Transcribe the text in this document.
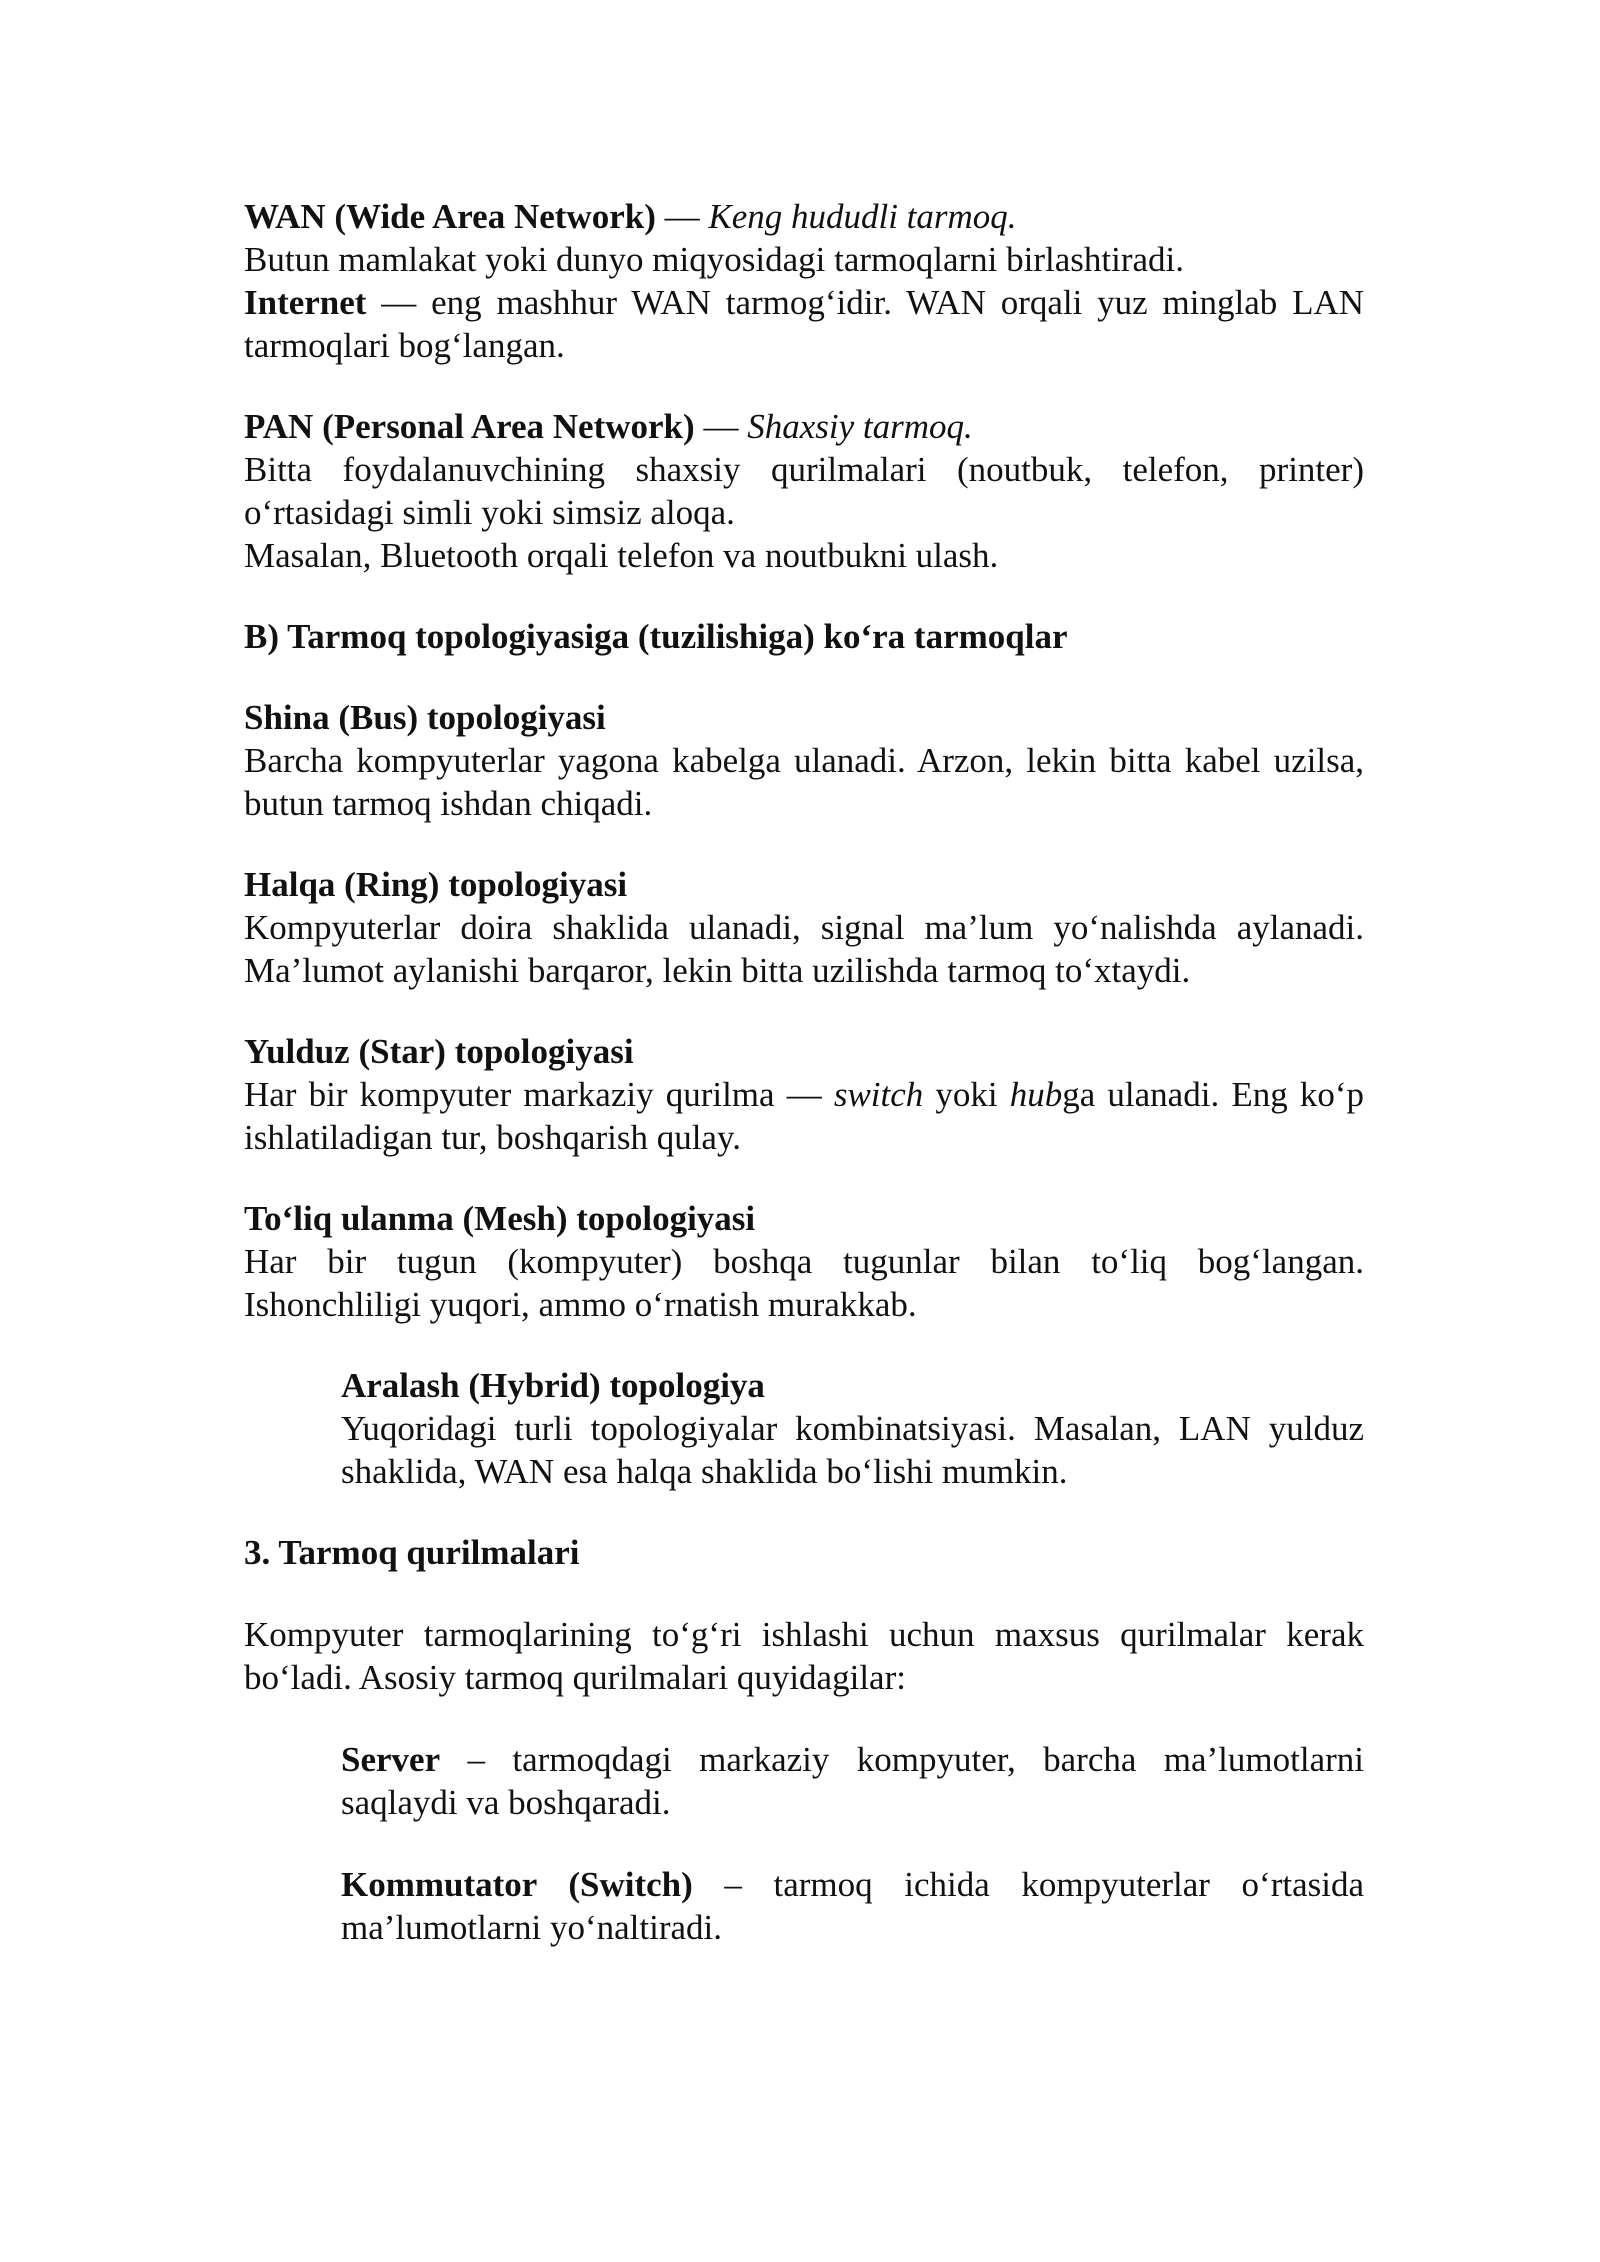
WAN (Wide Area Network) — Keng hududli tarmoq.

Butun mamlakat yoki dunyo miqyosidagi tarmoqlarni birlashtiradi.

Internet — eng mashhur WAN tarmogʻidir. WAN orqali yuz minglab LAN tarmoqlari bogʻlangan.

PAN (Personal Area Network) — Shaxsiy tarmoq.

Bitta foydalanuvchining shaxsiy qurilmalari (noutbuk, telefon, printer) oʻrtasidagi simli yoki simsiz aloqa.

Masalan, Bluetooth orqali telefon va noutbukni ulash.

B) Tarmoq topologiyasiga (tuzilishiga) koʻra tarmoqlar

Shina (Bus) topologiyasi

Barcha kompyuterlar yagona kabelga ulanadi. Arzon, lekin bitta kabel uzilsa, butun tarmoq ishdan chiqadi.

Halqa (Ring) topologiyasi

Kompyuterlar doira shaklida ulanadi, signal ma’lum yoʻnalishda aylanadi. Ma’lumot aylanishi barqaror, lekin bitta uzilishda tarmoq toʻxtaydi.

Yulduz (Star) topologiyasi

Har bir kompyuter markaziy qurilma — switch yoki hubga ulanadi. Eng koʻp ishlatiladigan tur, boshqarish qulay.

Toʻliq ulanma (Mesh) topologiyasi

Har bir tugun (kompyuter) boshqa tugunlar bilan toʻliq bogʻlangan. Ishonchliligi yuqori, ammo oʻrnatish murakkab.

Aralash (Hybrid) topologiya

Yuqoridagi turli topologiyalar kombinatsiyasi. Masalan, LAN yulduz shaklida, WAN esa halqa shaklida boʻlishi mumkin.

3. Tarmoq qurilmalari

Kompyuter tarmoqlarining toʻgʻri ishlashi uchun maxsus qurilmalar kerak boʻladi. Asosiy tarmoq qurilmalari quyidagilar:

Server – tarmoqdagi markaziy kompyuter, barcha ma’lumotlarni saqlaydi va boshqaradi.

Kommutator (Switch) – tarmoq ichida kompyuterlar oʻrtasida ma’lumotlarni yoʻnaltiradi.
